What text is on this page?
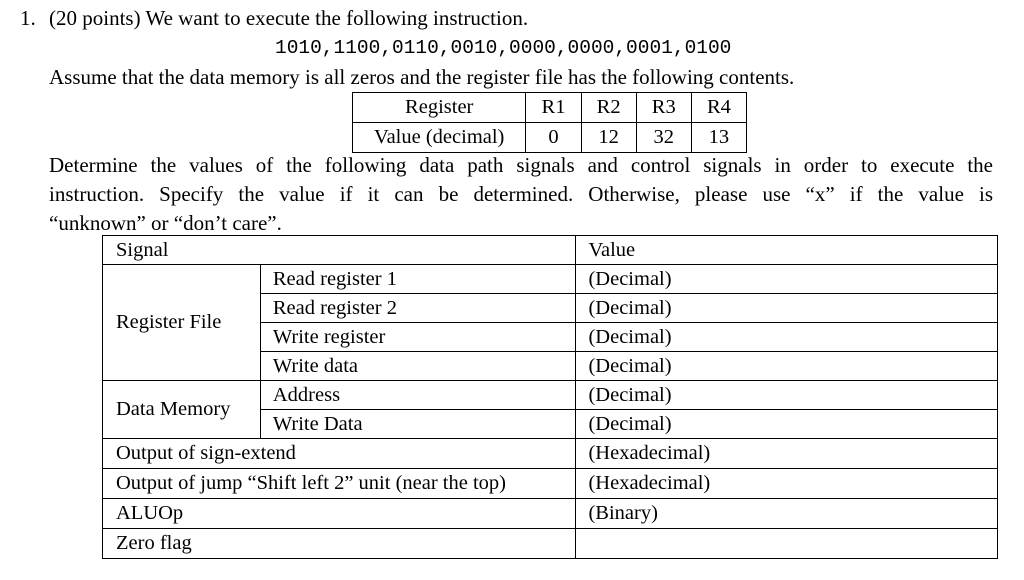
1. (20 points) We want to execute the following instruction.
1010,1100,0110,0010,0000,0000,0001,0100
Assume that the data memory is all zeros and the register file has the following contents.
Register	R1	R2	R3	R4
Value (decimal)	0	12	32	13
Determine the values of the following data path signals and control signals in order to execute the
instruction. Specify the value if it can be determined. Otherwise, please use “x” if the value is
“unknown” or “don’t care”.
Signal		Value
Register File	Read register 1	(Decimal)
	Read register 2	(Decimal)
	Write register	(Decimal)
	Write data	(Decimal)
Data Memory	Address	(Decimal)
	Write Data	(Decimal)
Output of sign-extend		(Hexadecimal)
Output of jump “Shift left 2” unit (near the top)		(Hexadecimal)
ALUOp		(Binary)
Zero flag		
